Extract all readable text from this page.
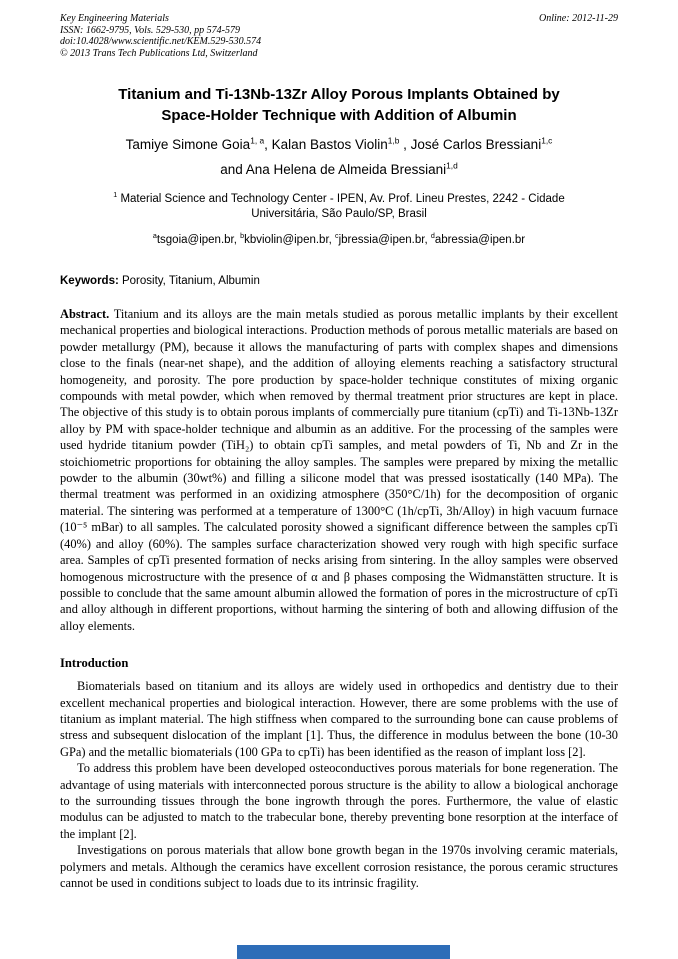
Key Engineering Materials
ISSN: 1662-9795, Vols. 529-530, pp 574-579
doi:10.4028/www.scientific.net/KEM.529-530.574
© 2013 Trans Tech Publications Ltd, Switzerland
Online: 2012-11-29
Titanium and Ti-13Nb-13Zr Alloy Porous Implants Obtained by
Space-Holder Technique with Addition of Albumin
Tamiye Simone Goia$^{1, a}$, Kalan Bastos Violin$^{1,b}$ , José Carlos Bressiani$^{1,c}$
and Ana Helena de Almeida Bressiani$^{1,d}$
$^1$ Material Science and Technology Center - IPEN, Av. Prof. Lineu Prestes, 2242 - Cidade Universitária, São Paulo/SP, Brasil
$^a$tsgoia@ipen.br, $^b$kbviolin@ipen.br, $^c$jbressia@ipen.br, $^d$abressia@ipen.br
Keywords: Porosity, Titanium, Albumin

Abstract. Titanium and its alloys are the main metals studied as porous metallic implants by their excellent mechanical properties and biological interactions. Production methods of porous metallic materials are based on powder metallurgy (PM), because it allows the manufacturing of parts with complex shapes and dimensions close to the finals (near-net shape), and the addition of alloying elements reaching a satisfactory structural homogeneity, and porosity. The pore production by space-holder technique constitutes of mixing organic compounds with metal powder, which when removed by thermal treatment prior structures are kept in place. The objective of this study is to obtain porous implants of commercially pure titanium (cpTi) and Ti-13Nb-13Zr alloy by PM with space-holder technique and albumin as an additive. For the processing of the samples were used hydride titanium powder (TiH₂) to obtain cpTi samples, and metal powders of Ti, Nb and Zr in the stoichiometric proportions for obtaining the alloy samples. The samples were prepared by mixing the metallic powder to the albumin (30wt%) and filling a silicone model that was pressed isostatically (140 MPa). The thermal treatment was performed in an oxidizing atmosphere (350°C/1h) for the decomposition of organic material. The sintering was performed at a temperature of 1300°C (1h/cpTi, 3h/Alloy) in high vacuum furnace (10⁻⁵ mBar) to all samples. The calculated porosity showed a significant difference between the samples cpTi (40%) and alloy (60%). The samples surface characterization showed very rough with high specific surface area. Samples of cpTi presented formation of necks arising from sintering. In the alloy samples were observed homogenous microstructure with the presence of α and β phases composing the Widmanstätten structure. It is possible to conclude that the same amount albumin allowed the formation of pores in the microstructure of cpTi and alloy although in different proportions, without harming the sintering of both and allowing diffusion of the alloy elements.

Introduction

Biomaterials based on titanium and its alloys are widely used in orthopedics and dentistry due to their excellent mechanical properties and biological interaction. However, there are some problems with the use of titanium as implant material. The high stiffness when compared to the surrounding bone can cause problems of stress and subsequent dislocation of the implant [1]. Thus, the difference in modulus between the bone (10-30 GPa) and the metallic biomaterials (100 GPa to cpTi) has been identified as the reason of implant loss [2].

To address this problem have been developed osteoconductives porous materials for bone regeneration. The advantage of using materials with interconnected porous structure is the ability to allow a biological anchorage to the surrounding tissues through the bone ingrowth through the pores. Furthermore, the value of elastic modulus can be adjusted to match to the trabecular bone, thereby preventing bone resorption at the interface of the implant [2].

Investigations on porous materials that allow bone growth began in the 1970s involving ceramic materials, polymers and metals. Although the ceramics have excellent corrosion resistance, the porous ceramic structures cannot be used in conditions subject to loads due to its intrinsic fragility.
